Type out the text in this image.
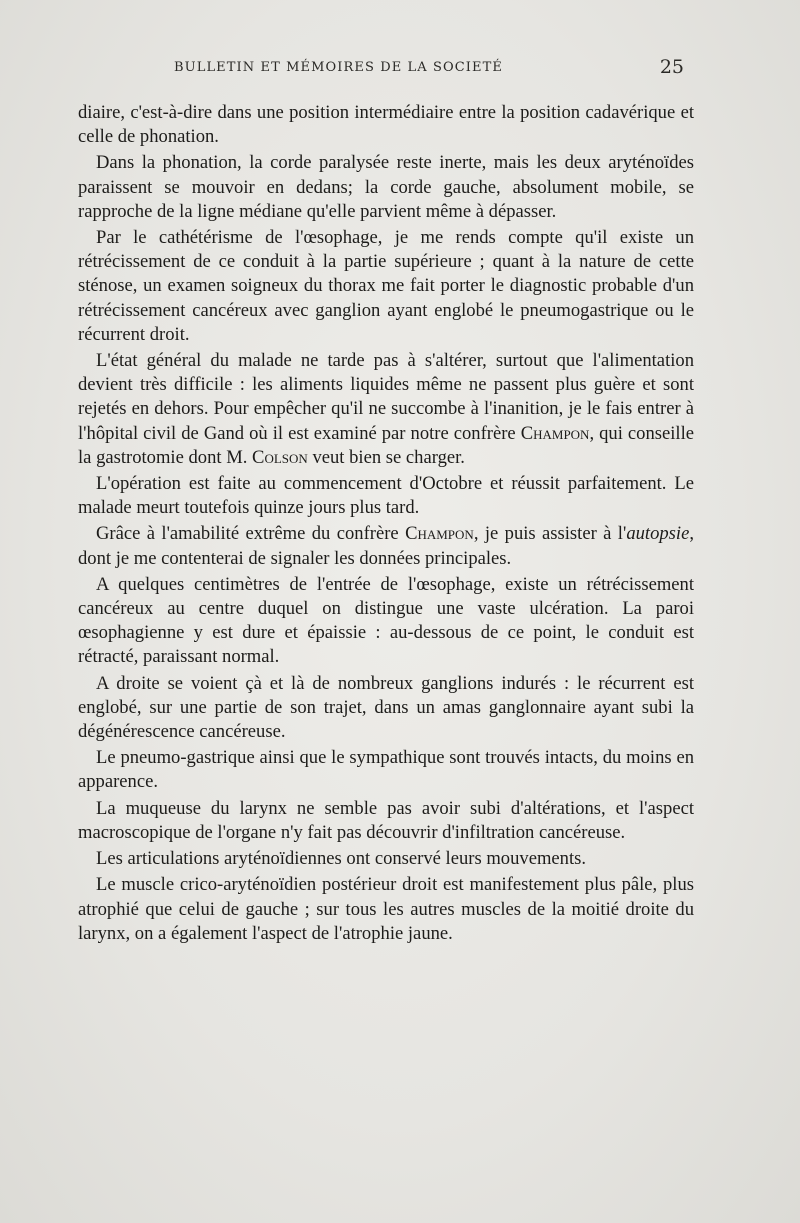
BULLETIN ET MÉMOIRES DE LA SOCIETÉ	25

diaire, c'est-à-dire dans une position intermédiaire entre la position cadavérique et celle de phonation.

Dans la phonation, la corde paralysée reste inerte, mais les deux aryténoïdes paraissent se mouvoir en dedans; la corde gauche, absolument mobile, se rapproche de la ligne médiane qu'elle parvient même à dépasser.

Par le cathétérisme de l'œsophage, je me rends compte qu'il existe un rétrécissement de ce conduit à la partie supérieure ; quant à la nature de cette sténose, un examen soigneux du thorax me fait porter le diagnostic probable d'un rétrécissement cancéreux avec ganglion ayant englobé le pneumogastrique ou le récurrent droit.

L'état général du malade ne tarde pas à s'altérer, surtout que l'alimentation devient très difficile : les aliments liquides même ne passent plus guère et sont rejetés en dehors. Pour empêcher qu'il ne succombe à l'inanition, je le fais entrer à l'hôpital civil de Gand où il est examiné par notre confrère Champon, qui conseille la gastrotomie dont M. Colson veut bien se charger.

L'opération est faite au commencement d'Octobre et réussit parfaitement. Le malade meurt toutefois quinze jours plus tard.

Grâce à l'amabilité extrême du confrère Champon, je puis assister à l'autopsie, dont je me contenterai de signaler les données principales.

A quelques centimètres de l'entrée de l'œsophage, existe un rétrécissement cancéreux au centre duquel on distingue une vaste ulcération. La paroi œsophagienne y est dure et épaissie : au-dessous de ce point, le conduit est rétracté, paraissant normal.

A droite se voient çà et là de nombreux ganglions indurés : le récurrent est englobé, sur une partie de son trajet, dans un amas ganglonnaire ayant subi la dégénérescence cancéreuse.

Le pneumo-gastrique ainsi que le sympathique sont trouvés intacts, du moins en apparence.

La muqueuse du larynx ne semble pas avoir subi d'altérations, et l'aspect macroscopique de l'organe n'y fait pas découvrir d'infiltration cancéreuse.

Les articulations aryténoïdiennes ont conservé leurs mouvements.

Le muscle crico-aryténoïdien postérieur droit est manifestement plus pâle, plus atrophié que celui de gauche ; sur tous les autres muscles de la moitié droite du larynx, on a également l'aspect de l'atrophie jaune.
